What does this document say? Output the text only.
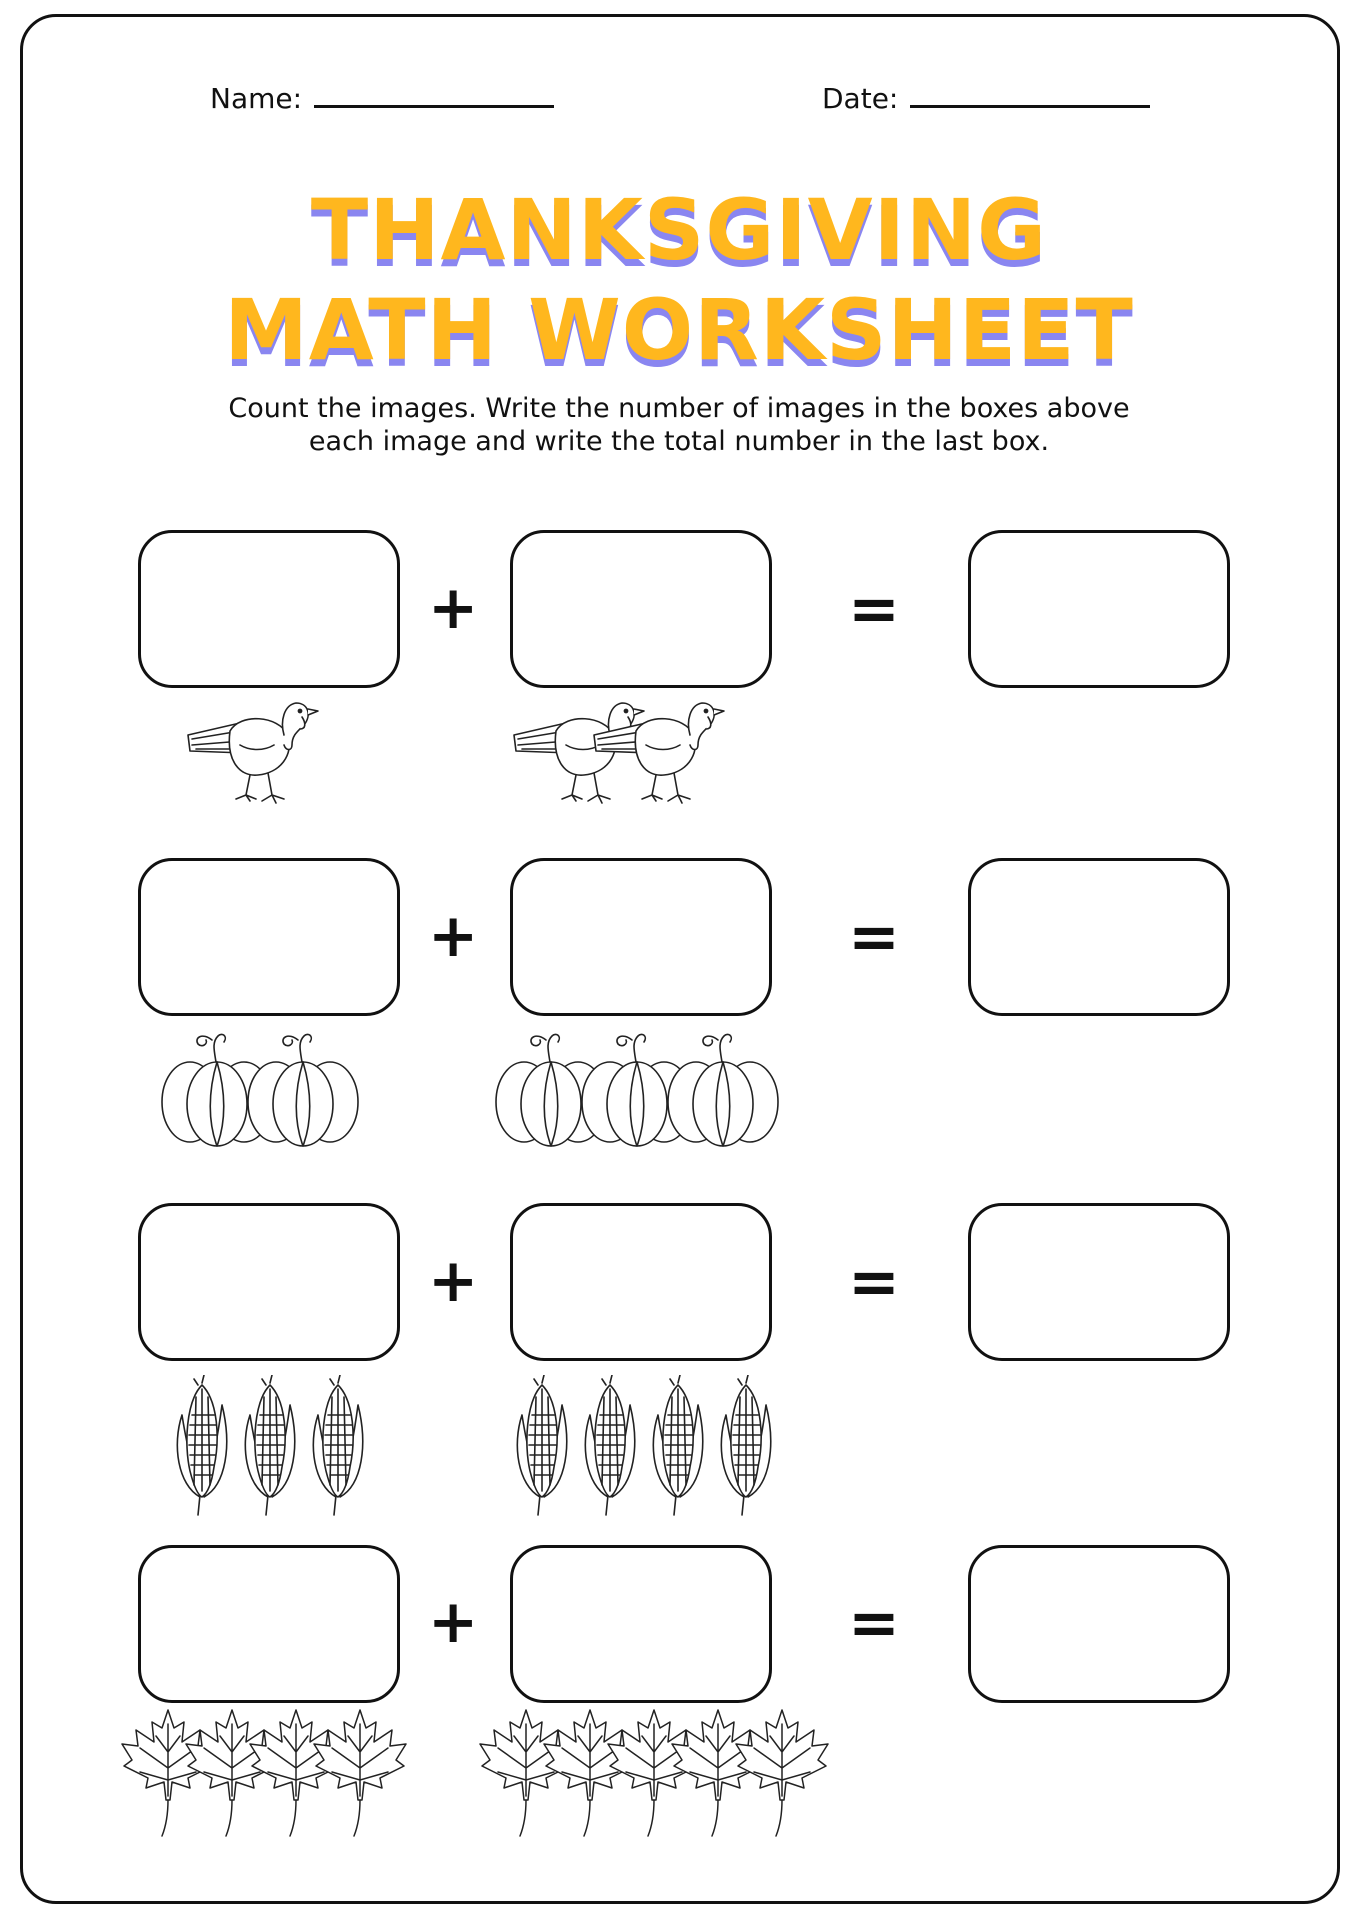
Name:	Date:
THANKSGIVING
MATH WORKSHEET
Count the images. Write the number of images in the boxes above
each image and write the total number in the last box.
+	=
+	=
+	=
+	=
